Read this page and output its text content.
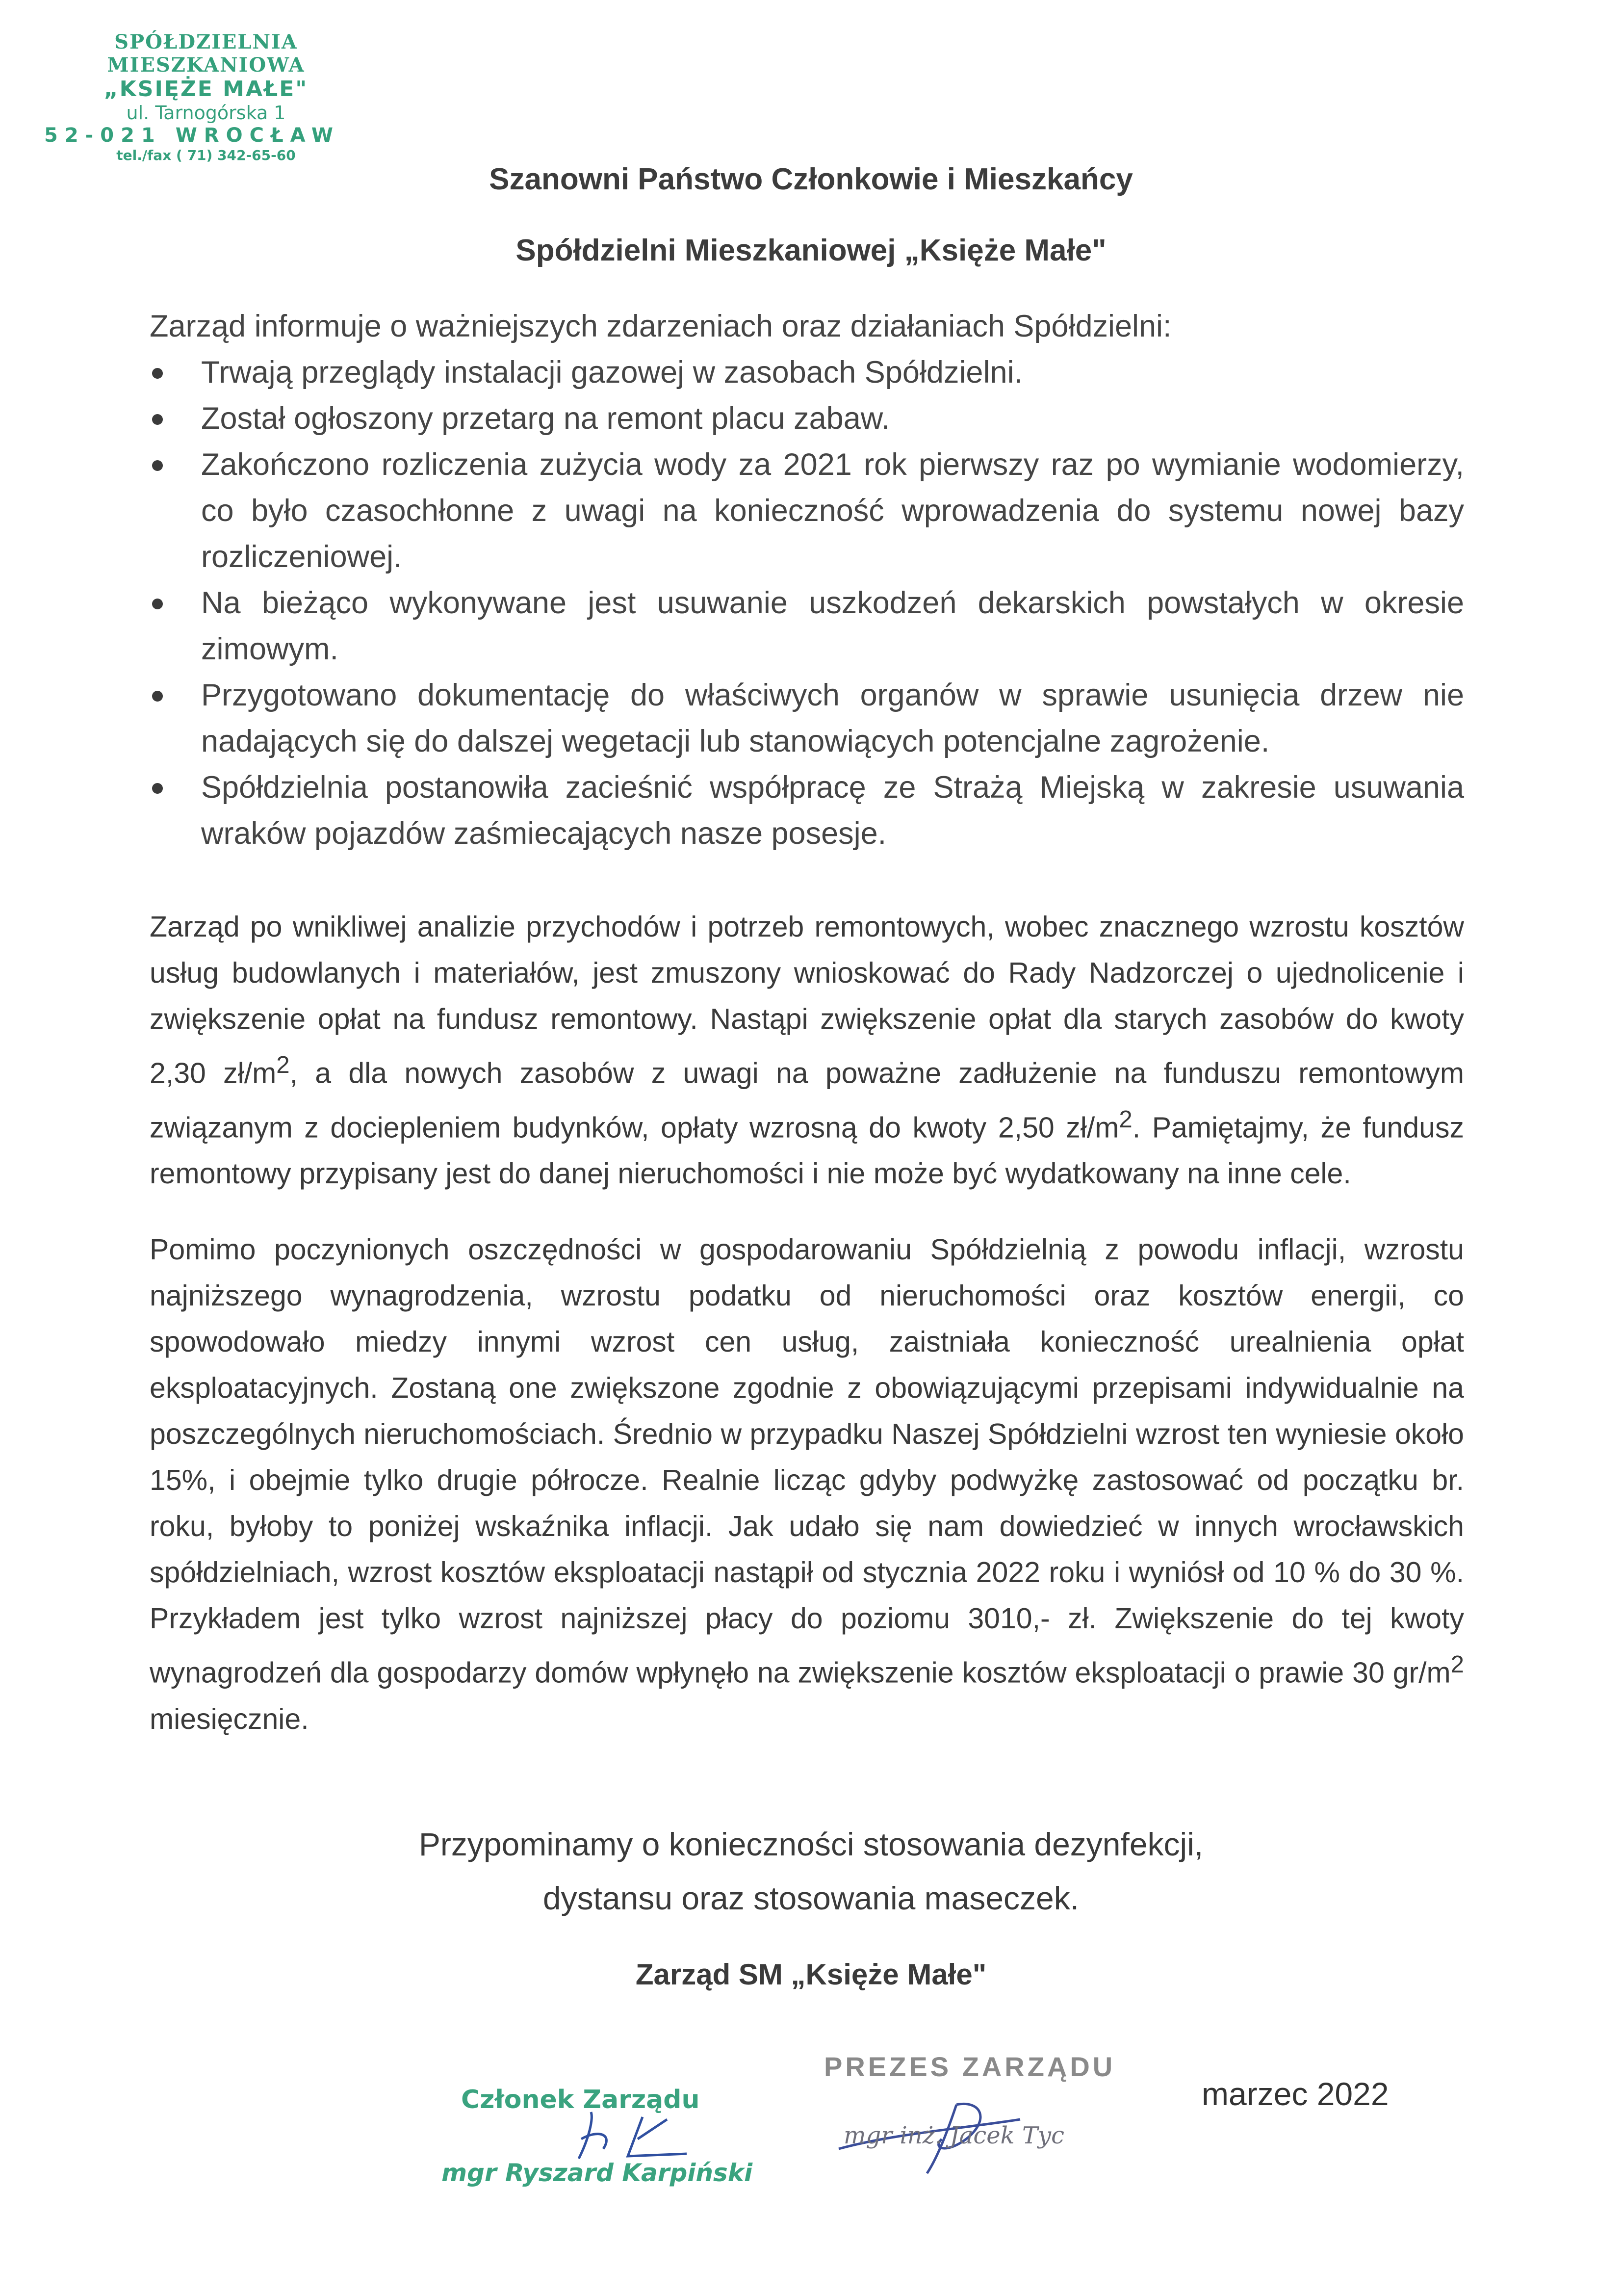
SPÓŁDZIELNIA MIESZKANIOWA
„KSIĘŻE MAŁE"
ul. Tarnogórska 1
52-021 WROCŁAW
tel./fax ( 71) 342-65-60
Szanowni Państwo Członkowie i Mieszkańcy
Spółdzielni Mieszkaniowej „Księże Małe"
Zarząd informuje o ważniejszych zdarzeniach oraz działaniach Spółdzielni:
Trwają przeglądy instalacji gazowej w zasobach Spółdzielni.
Został ogłoszony przetarg na remont placu zabaw.
Zakończono rozliczenia zużycia wody za 2021 rok pierwszy raz po wymianie wodomierzy, co było czasochłonne z uwagi na konieczność wprowadzenia do systemu nowej bazy rozliczeniowej.
Na bieżąco wykonywane jest usuwanie uszkodzeń dekarskich powstałych w okresie zimowym.
Przygotowano dokumentację do właściwych organów w sprawie usunięcia drzew nie nadających się do dalszej wegetacji lub stanowiących potencjalne zagrożenie.
Spółdzielnia postanowiła zacieśnić współpracę ze Strażą Miejską w zakresie usuwania wraków pojazdów zaśmiecających nasze posesje.
Zarząd po wnikliwej analizie przychodów i potrzeb remontowych, wobec znacznego wzrostu kosztów usług budowlanych i materiałów, jest zmuszony wnioskować do Rady Nadzorczej o ujednolicenie i zwiększenie opłat na fundusz remontowy. Nastąpi zwiększenie opłat dla starych zasobów do kwoty 2,30 $zł/m^2$, a dla nowych zasobów z uwagi na poważne zadłużenie na funduszu remontowym związanym z dociepleniem budynków, opłaty wzrosną do kwoty 2,50 $zł/m^2$. Pamiętajmy, że fundusz remontowy przypisany jest do danej nieruchomości i nie może być wydatkowany na inne cele.
Pomimo poczynionych oszczędności w gospodarowaniu Spółdzielnią z powodu inflacji, wzrostu najniższego wynagrodzenia, wzrostu podatku od nieruchomości oraz kosztów energii, co spowodowało miedzy innymi wzrost cen usług, zaistniała konieczność urealnienia opłat eksploatacyjnych. Zostaną one zwiększone zgodnie z obowiązującymi przepisami indywidualnie na poszczególnych nieruchomościach. Średnio w przypadku Naszej Spółdzielni wzrost ten wyniesie około 15%, i obejmie tylko drugie półrocze. Realnie licząc gdyby podwyżkę zastosować od początku br. roku, byłoby to poniżej wskaźnika inflacji. Jak udało się nam dowiedzieć w innych wrocławskich spółdzielniach, wzrost kosztów eksploatacji nastąpił od stycznia 2022 roku i wyniósł od 10 % do 30 %. Przykładem jest tylko wzrost najniższej płacy do poziomu 3010,- zł. Zwiększenie do tej kwoty wynagrodzeń dla gospodarzy domów wpłynęło na zwiększenie kosztów eksploatacji o prawie 30 $gr/m^2$ miesięcznie.
Przypominamy o konieczności stosowania dezynfekcji,
dystansu oraz stosowania maseczek.
Zarząd SM „Księże Małe"
Członek Zarządu
mgr Ryszard Karpiński
PREZES ZARZĄDU
mgr inż. Jacek Tyc
marzec 2022
